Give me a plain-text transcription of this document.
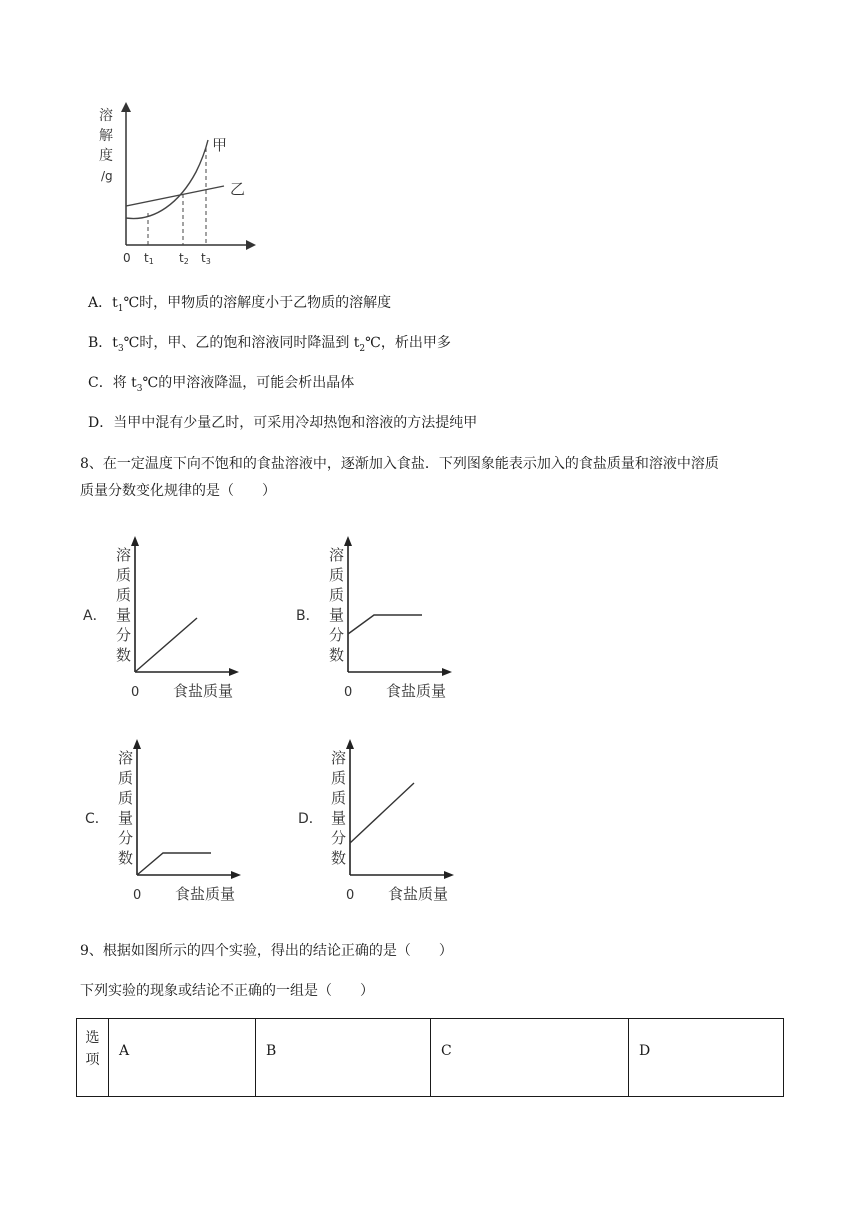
溶
解
度
/g
甲
乙
0 t1 t2 t3
A．$t_1℃$时，甲物质的溶解度小于乙物质的溶解度
B．$t_3℃$时，甲、乙的饱和溶液同时降温到 $t_2℃$，析出甲多
C．将 $t_3℃$的甲溶液降温，可能会析出晶体
D．当甲中混有少量乙时，可采用冷却热饱和溶液的方法提纯甲
8、在一定温度下向不饱和的食盐溶液中，逐渐加入食盐．下列图象能表示加入的食盐质量和溶液中溶质
质量分数变化规律的是（　　）
溶
质
质
量
分
数
A．
0 食盐质量
溶
质
质
量
分
数
B．
0 食盐质量
溶
质
质
量
分
数
C．
0 食盐质量
溶
质
质
量
分
数
D．
0 食盐质量
9、根据如图所示的四个实验，得出的结论正确的是（　　）
下列实验的现象或结论不正确的一组是（　　）
选
项
	A	B	C	D
